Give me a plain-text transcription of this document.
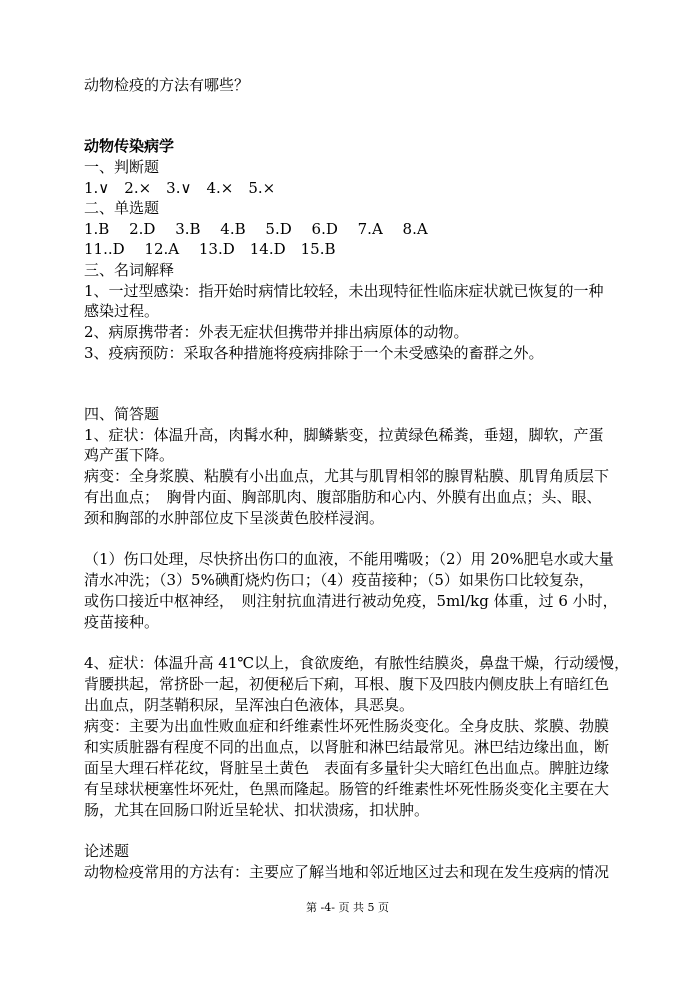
动物检疫的方法有哪些？

动物传染病学

一、判断题

1.∨　2.×　3.∨　4.×　5.×

二、单选题

1.B　 2.D　 3.B　 4.B　 5.D　 6.D　 7.A　 8.A

11..D　 12.A　 13.D　14.D　15.B

三、名词解释

1、一过型感染：指开始时病情比较轻，未出现特征性临床症状就已恢复的一种

感染过程。

2、病原携带者：外表无症状但携带并排出病原体的动物。

3、疫病预防：采取各种措施将疫病排除于一个未受感染的畜群之外。

四、简答题

1、症状：体温升高，肉髯水种，脚鳞紫变，拉黄绿色稀粪，垂翅，脚软，产蛋

鸡产蛋下降。

病变：全身浆膜、粘膜有小出血点，尤其与肌胃相邻的腺胃粘膜、肌胃角质层下

有出血点；　胸骨内面、胸部肌肉、腹部脂肪和心内、外膜有出血点；头、眼、

颈和胸部的水肿部位皮下呈淡黄色胶样浸润。

（1）伤口处理，尽快挤出伤口的血液，不能用嘴吸；（2）用 20%肥皂水或大量

清水冲洗；（3）5%碘酊烧灼伤口；（4）疫苗接种；（5）如果伤口比较复杂，

或伤口接近中枢神经，　则注射抗血清进行被动免疫，5ml/kg 体重，过 6 小时，

疫苗接种。

4、症状：体温升高 41℃以上，食欲废绝，有脓性结膜炎，鼻盘干燥，行动缓慢，

背腰拱起，常挤卧一起，初便秘后下痢，耳根、腹下及四肢内侧皮肤上有暗红色

出血点，阴茎鞘积尿，呈浑浊白色液体，具恶臭。

病变：主要为出血性败血症和纤维素性坏死性肠炎变化。全身皮肤、浆膜、勃膜

和实质脏器有程度不同的出血点，以肾脏和淋巴结最常见。淋巴结边缘出血，断

面呈大理石样花纹，肾脏呈土黄色　表面有多量针尖大暗红色出血点。脾脏边缘

有呈球状梗塞性坏死灶，色黑而隆起。肠管的纤维素性坏死性肠炎变化主要在大

肠，尤其在回肠口附近呈轮状、扣状溃疡，扣状肿。

论述题

动物检疫常用的方法有：主要应了解当地和邻近地区过去和现在发生疫病的情况

第 -4- 页 共 5 页
